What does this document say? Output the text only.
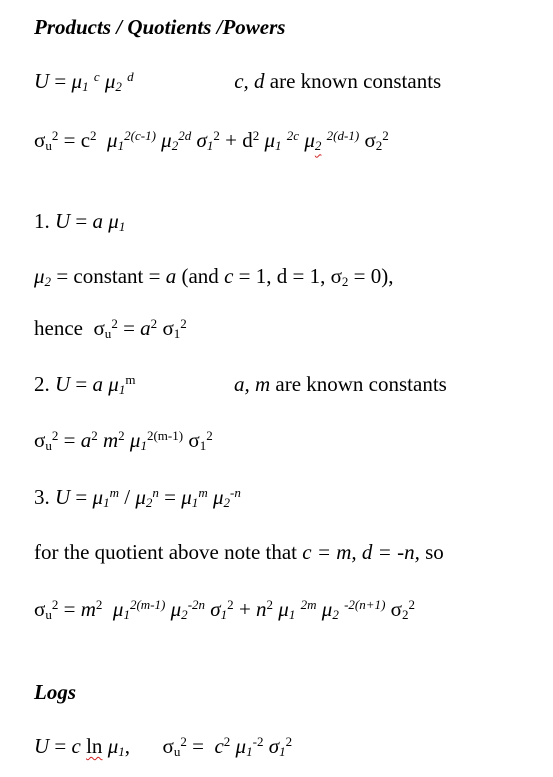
Products / Quotients /Powers
$U = \mu_1$ $^c$ $\mu_2$ $^d$	c, d are known constants
$\sigma_u^2 = c^2$ $\mu_1^{2(c-1)}$ $\mu_2^{2d}$ $\sigma_1^2 + d^2$ $\mu_1$ $^{2c}$ $\mu_2$ $^{2(d-1)}$ $\sigma_2^2$
1. U = a $\mu_1$
$\mu_2$ = constant = a (and c = 1, d = 1, $\sigma_2 = 0$),
hence $\sigma_u^2 = a^2$ $\sigma_1^2$
2. U = a $\mu_1^m$	a, m are known constants
$\sigma_u^2 = a^2$ $m^2$ $\mu_1^{2(m-1)}$ $\sigma_1^2$
3. $U = \mu_1^m / \mu_2^n = \mu_1^m$ $\mu_2^{-n}$
for the quotient above note that c = m, d = -n, so
$\sigma_u^2 = m^2$ $\mu_1^{2(m-1)}$ $\mu_2^{-2n}$ $\sigma_1^2 + n^2$ $\mu_1$ $^{2m}$ $\mu_2$ $^{-2(n+1)}$ $\sigma_2^2$
Logs
U = c $\ln \mu_1$,  $\sigma_u^2 = c^2$ $\mu_1^{-2}$ $\sigma_1^2$
